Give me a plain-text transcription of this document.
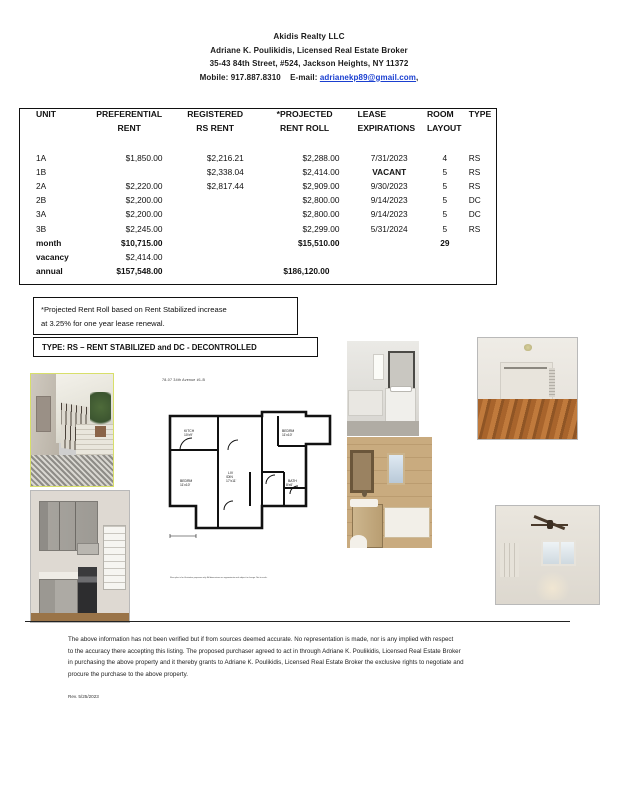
Akidis Realty LLC
Adriane K. Poulikidis, Licensed Real Estate Broker
35-43 84th Street, #524, Jackson Heights, NY 11372
Mobile: 917.887.8310 E-mail: adrianekp89@gmail.com,
UNIT	PREFERENTIAL	REGISTERED	*PROJECTED	LEASE	ROOM	TYPE
	RENT	RS RENT	RENT ROLL	EXPIRATIONS	LAYOUT	

1A	$1,850.00	$2,216.21	$2,288.00	7/31/2023	4	RS
1B		$2,338.04	$2,414.00	VACANT	5	RS
2A	$2,220.00	$2,817.44	$2,909.00	9/30/2023	5	RS
2B	$2,200.00		$2,800.00	9/14/2023	5	DC
3A	$2,200.00		$2,800.00	9/14/2023	5	DC
3B	$2,245.00		$2,299.00	5/31/2024	5	RS
month	$10,715.00		$15,510.00		29	
vacancy	$2,414.00					
annual	$157,548.00		$186,120.00			

*Projected Rent Roll based on Rent Stabilized increase

at 3.25% for one year lease renewal.

TYPE: RS – RENT STABILIZED and DC - DECONTROLLED

78-07 34th Avenue #1-B
KITCH
10'x9'
BEDRM
11'x10'
LIV
/DIN
17'x11'	BATH
8'x6'
BEDRM
11'x10'
Floor plan is for illustrative purposes only. All dimensions are approximate and subject to change. Not to scale.

The above information has not been verified but if from sources deemed accurate. No representation is made, nor is any implied with respect

to the accuracy there accepting this listing. The proposed purchaser agreed to act in through Adriane K. Poulikidis, Licensed Real Estate Broker

in purchasing the above property and it thereby grants to Adriane K. Poulikidis, Licensed Real Estate Broker the exclusive rights to negotiate and

procure the purchase to the above property.

Rev. 5/25/2023
